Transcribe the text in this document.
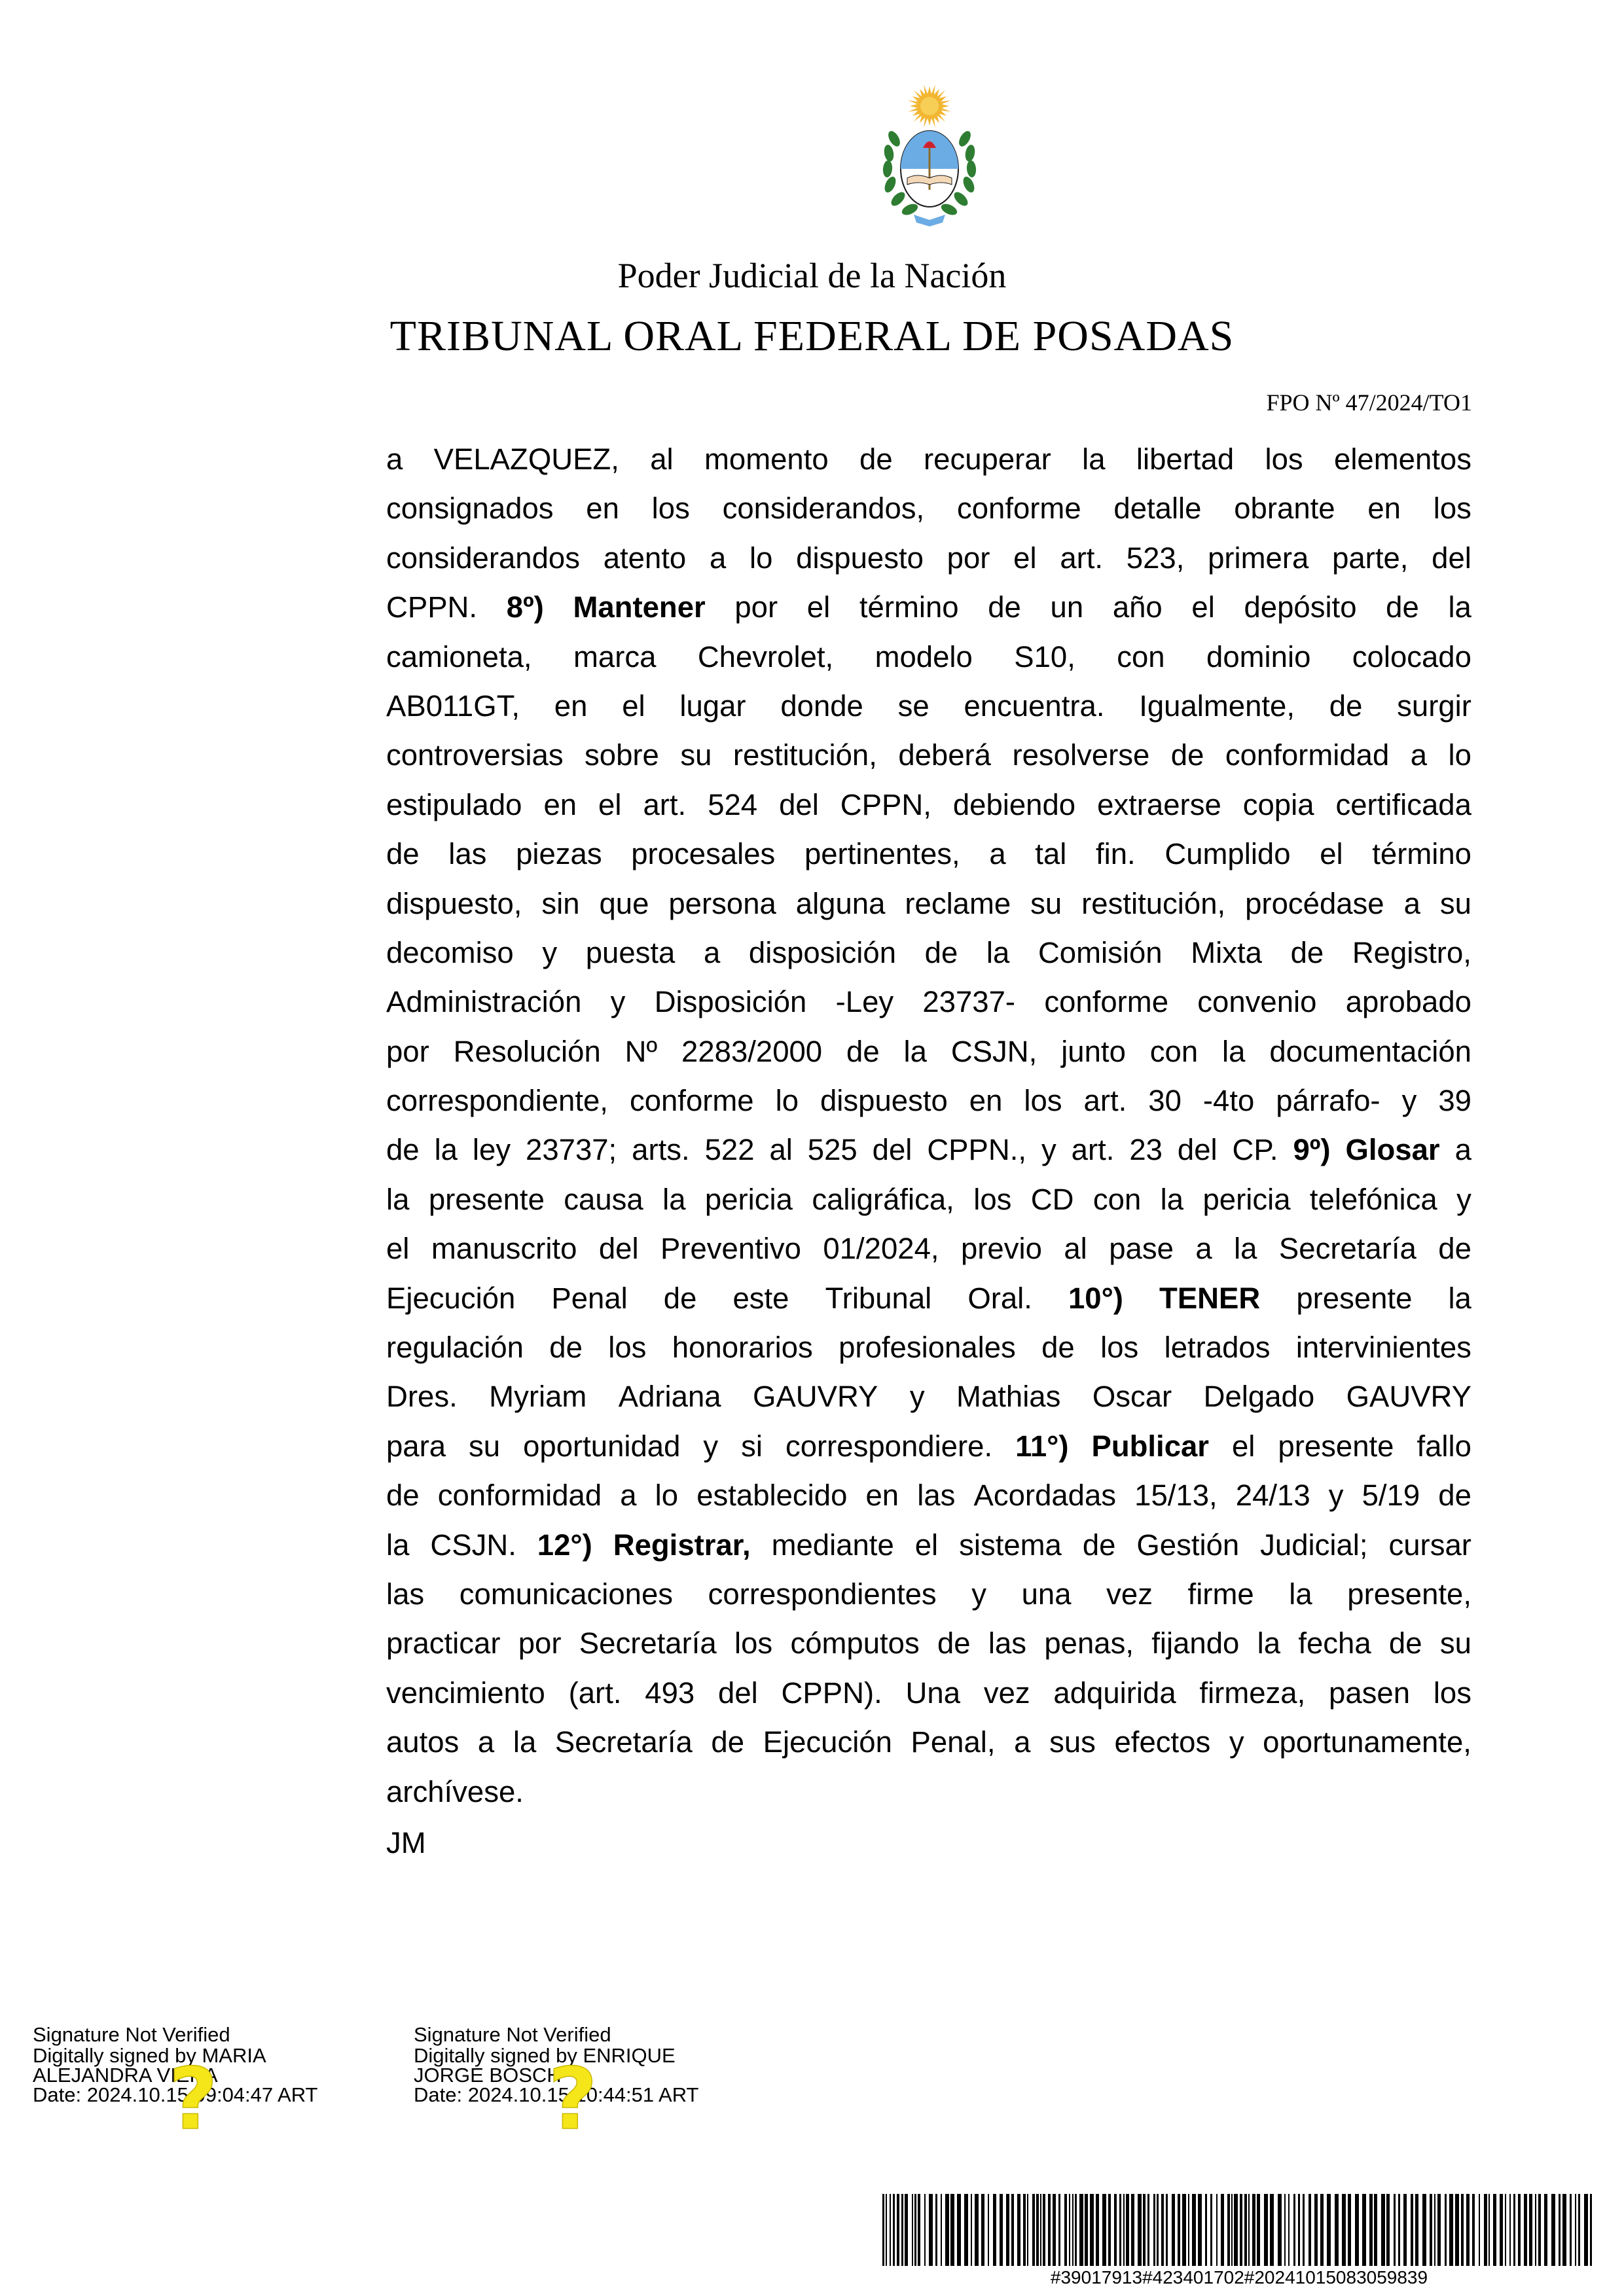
Poder Judicial de la Nación
TRIBUNAL ORAL FEDERAL DE POSADAS
FPO Nº 47/2024/TO1
a VELAZQUEZ, al momento de recuperar la libertad los elementos
consignados en los considerandos, conforme detalle obrante en los
considerandos atento a lo dispuesto por el art. 523, primera parte, del
CPPN. 8º) Mantener por el término de un año el depósito de la
camioneta, marca Chevrolet, modelo S10, con dominio colocado
AB011GT, en el lugar donde se encuentra. Igualmente, de surgir
controversias sobre su restitución, deberá resolverse de conformidad a lo
estipulado en el art. 524 del CPPN, debiendo extraerse copia certificada
de las piezas procesales pertinentes, a tal fin. Cumplido el término
dispuesto, sin que persona alguna reclame su restitución, procédase a su
decomiso y puesta a disposición de la Comisión Mixta de Registro,
Administración y Disposición -Ley 23737- conforme convenio aprobado
por Resolución Nº 2283/2000 de la CSJN, junto con la documentación
correspondiente, conforme lo dispuesto en los art. 30 -4to párrafo- y 39
de la ley 23737; arts. 522 al 525 del CPPN., y art. 23 del CP. 9º) Glosar a
la presente causa la pericia caligráfica, los CD con la pericia telefónica y
el manuscrito del Preventivo 01/2024, previo al pase a la Secretaría de
Ejecución Penal de este Tribunal Oral. 10°) TENER presente la
regulación de los honorarios profesionales de los letrados intervinientes
Dres. Myriam Adriana GAUVRY y Mathias Oscar Delgado GAUVRY
para su oportunidad y si correspondiere. 11°) Publicar el presente fallo
de conformidad a lo establecido en las Acordadas 15/13, 24/13 y 5/19 de
la CSJN. 12°) Registrar, mediante el sistema de Gestión Judicial; cursar
las comunicaciones correspondientes y una vez firme la presente,
practicar por Secretaría los cómputos de las penas, fijando la fecha de su
vencimiento (art. 493 del CPPN). Una vez adquirida firmeza, pasen los
autos a la Secretaría de Ejecución Penal, a sus efectos y oportunamente,
archívese.
JM
Signature Not Verified
Digitally signed by MARIA
ALEJANDRA VIERA
Date: 2024.10.15 09:04:47 ART
?
Signature Not Verified
Digitally signed by ENRIQUE
JORGE BOSCH
Date: 2024.10.15 10:44:51 ART
?
#39017913#423401702#20241015083059839
